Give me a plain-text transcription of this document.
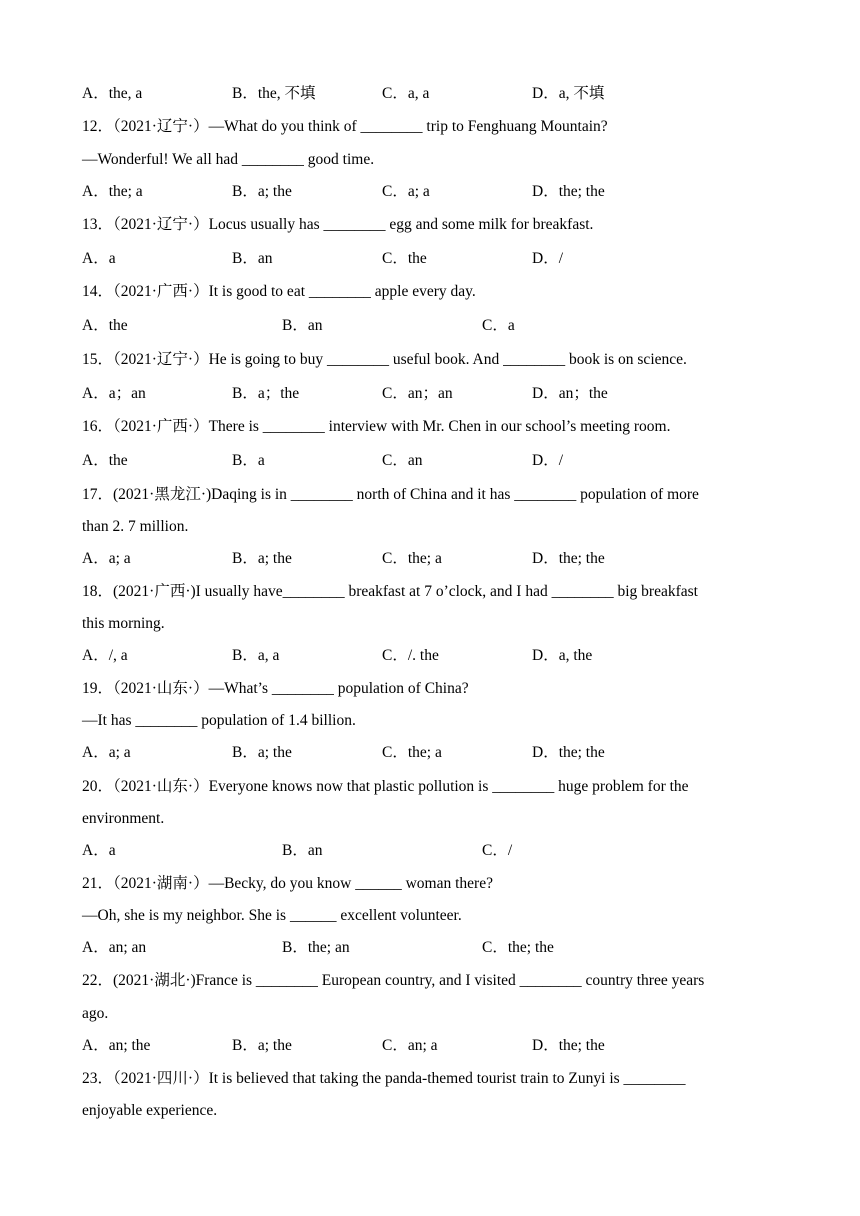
A．the, a	B．the, 不填	C．a, a	D．a, 不填
12．（2021·辽宁·）—What do you think of ________ trip to Fenghuang Mountain?
—Wonderful! We all had ________ good time.
A．the; a	B．a; the	C．a; a	D．the; the
13．（2021·辽宁·）Locus usually has ________ egg and some milk for breakfast.
A．a	B．an	C．the	D．/
14．（2021·广西·）It is good to eat ________ apple every day.
A．the	B．an	C．a
15．（2021·辽宁·）He is going to buy ________ useful book. And ________ book is on science.
A．a；an	B．a；the	C．an；an	D．an；the
16．（2021·广西·）There is ________ interview with Mr. Chen in our school’s meeting room.
A．the	B．a	C．an	D．/
17．(2021·黑龙江·)Daqing is in ________ north of China and it has ________ population of more
than 2. 7 million.
A．a; a	B．a; the	C．the; a	D．the; the
18．(2021·广西·)I usually have________ breakfast at 7 o’clock, and I had ________ big breakfast
this morning.
A．/, a	B．a, a	C．/. the	D．a, the
19．（2021·山东·）—What’s ________ population of China?
—It has ________ population of 1.4 billion.
A．a; a	B．a; the	C．the; a	D．the; the
20．（2021·山东·）Everyone knows now that plastic pollution is ________ huge problem for the
environment.
A．a	B．an	C．/
21．（2021·湖南·）—Becky, do you know ______ woman there?
—Oh, she is my neighbor. She is ______ excellent volunteer.
A．an; an	B．the; an	C．the; the
22．(2021·湖北·)France is ________ European country, and I visited ________ country three years
ago.
A．an; the	B．a; the	C．an; a	D．the; the
23．（2021·四川·）It is believed that taking the panda-themed tourist train to Zunyi is ________
enjoyable experience.
